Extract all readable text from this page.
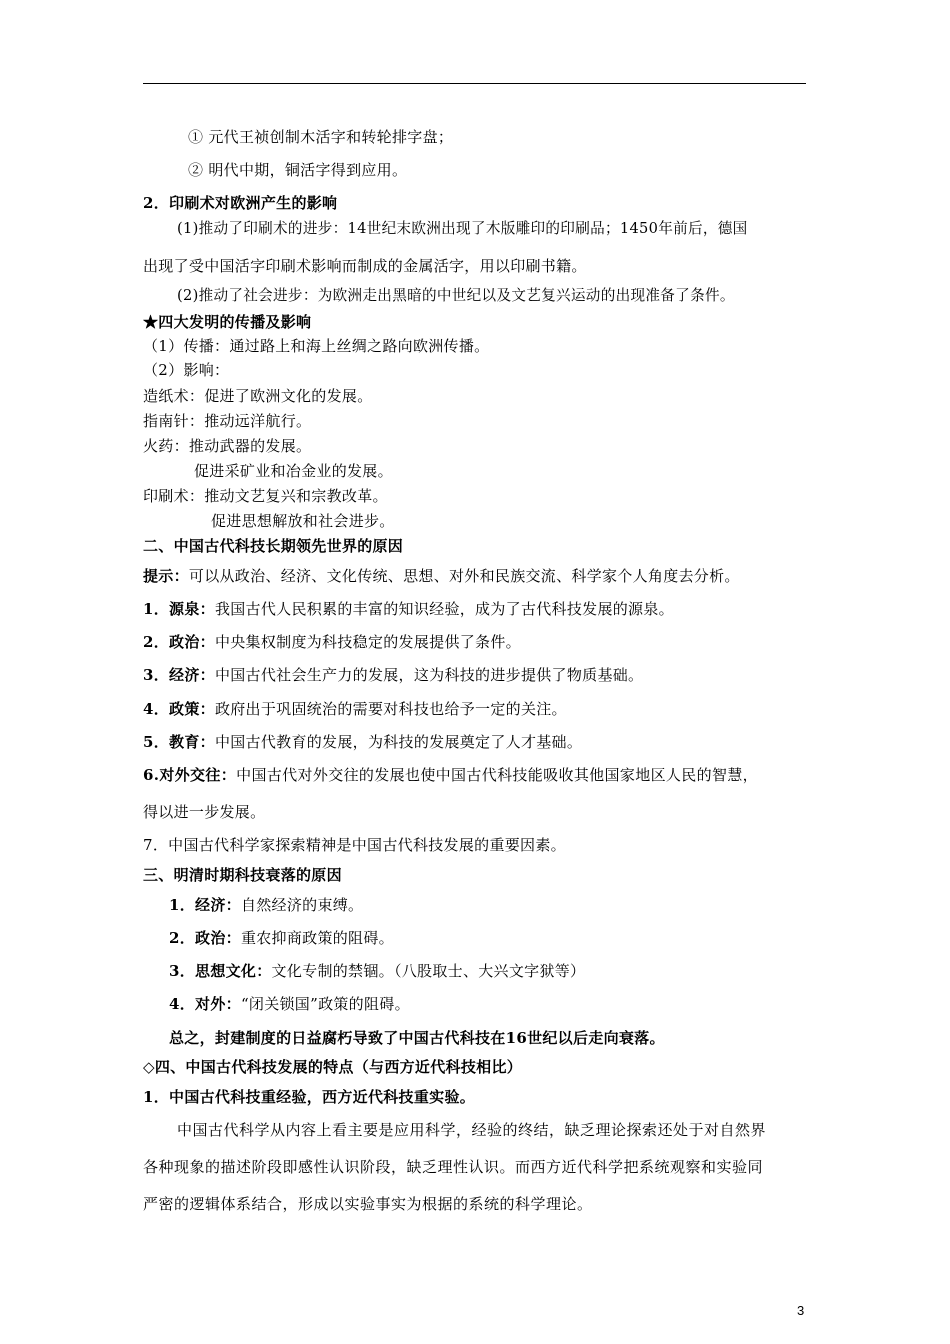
① 元代王祯创制木活字和转轮排字盘；
② 明代中期，铜活字得到应用。
2．印刷术对欧洲产生的影响
(1)推动了印刷术的进步：14世纪末欧洲出现了木版雕印的印刷品；1450年前后，德国
出现了受中国活字印刷术影响而制成的金属活字，用以印刷书籍。
(2)推动了社会进步：为欧洲走出黑暗的中世纪以及文艺复兴运动的出现准备了条件。
★四大发明的传播及影响
（1）传播：通过路上和海上丝绸之路向欧洲传播。
（2）影响：
造纸术：促进了欧洲文化的发展。
指南针：推动远洋航行。
火药：推动武器的发展。
促进采矿业和冶金业的发展。
印刷术：推动文艺复兴和宗教改革。
促进思想解放和社会进步。
二、中国古代科技长期领先世界的原因
提示：可以从政治、经济、文化传统、思想、对外和民族交流、科学家个人角度去分析。
1．源泉：我国古代人民积累的丰富的知识经验，成为了古代科技发展的源泉。
2．政治：中央集权制度为科技稳定的发展提供了条件。
3．经济：中国古代社会生产力的发展，这为科技的进步提供了物质基础。
4．政策：政府出于巩固统治的需要对科技也给予一定的关注。
5．教育：中国古代教育的发展，为科技的发展奠定了人才基础。
6.对外交往：中国古代对外交往的发展也使中国古代科技能吸收其他国家地区人民的智慧，
得以进一步发展。
7．中国古代科学家探索精神是中国古代科技发展的重要因素。
三、明清时期科技衰落的原因
1．经济：自然经济的束缚。
2．政治：重农抑商政策的阻碍。
3．思想文化：文化专制的禁锢。（八股取士、大兴文字狱等）
4．对外：“闭关锁国”政策的阻碍。
总之，封建制度的日益腐朽导致了中国古代科技在16世纪以后走向衰落。
◇四、中国古代科技发展的特点（与西方近代科技相比）
1．中国古代科技重经验，西方近代科技重实验。
中国古代科学从内容上看主要是应用科学，经验的终结，缺乏理论探索还处于对自然界
各种现象的描述阶段即感性认识阶段，缺乏理性认识。而西方近代科学把系统观察和实验同
严密的逻辑体系结合，形成以实验事实为根据的系统的科学理论。
3
